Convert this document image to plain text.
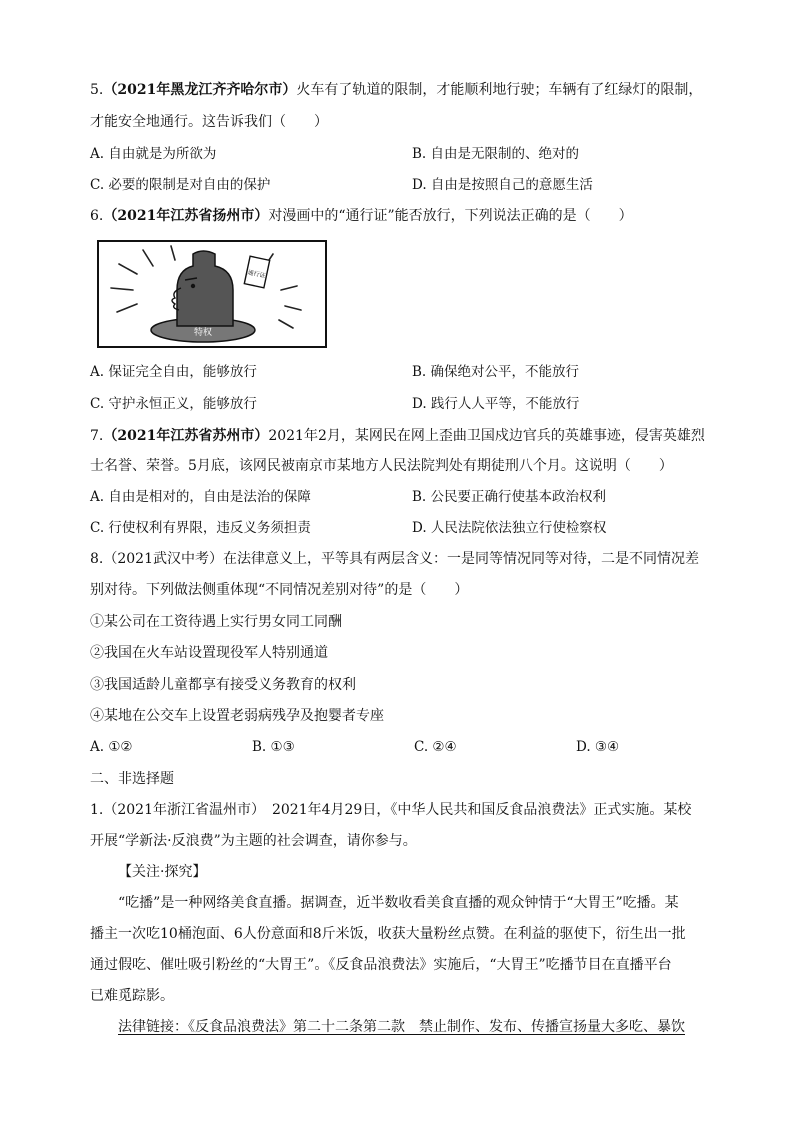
5.（2021年黑龙江齐齐哈尔市）火车有了轨道的限制，才能顺利地行驶；车辆有了红绿灯的限制，
才能安全地通行。这告诉我们（　　）
A. 自由就是为所欲为	B. 自由是无限制的、绝对的
C. 必要的限制是对自由的保护	D. 自由是按照自己的意愿生活
6.（2021年江苏省扬州市）对漫画中的“通行证”能否放行，下列说法正确的是（　　）
通行证
特权
A. 保证完全自由，能够放行	B. 确保绝对公平，不能放行
C. 守护永恒正义，能够放行	D. 践行人人平等，不能放行
7.（2021年江苏省苏州市）2021年2月，某网民在网上歪曲卫国戍边官兵的英雄事迹，侵害英雄烈
士名誉、荣誉。5月底，该网民被南京市某地方人民法院判处有期徒刑八个月。这说明（　　）
A. 自由是相对的，自由是法治的保障	B. 公民要正确行使基本政治权利
C. 行使权利有界限，违反义务须担责	D. 人民法院依法独立行使检察权
8.（2021武汉中考）在法律意义上，平等具有两层含义：一是同等情况同等对待，二是不同情况差
别对待。下列做法侧重体现“不同情况差别对待”的是（　　）
①某公司在工资待遇上实行男女同工同酬
②我国在火车站设置现役军人特别通道
③我国适龄儿童都享有接受义务教育的权利
④某地在公交车上设置老弱病残孕及抱婴者专座
A. ①②	B. ①③	C. ②④	D. ③④
二、非选择题
1.（2021年浙江省温州市）　2021年4月29日，《中华人民共和国反食品浪费法》正式实施。某校
开展“学新法·反浪费”为主题的社会调查，请你参与。
【关注·探究】
“吃播”是一种网络美食直播。据调查，近半数收看美食直播的观众钟情于“大胃王”吃播。某
播主一次吃10桶泡面、6人份意面和8斤米饭，收获大量粉丝点赞。在利益的驱使下，衍生出一批
通过假吃、催吐吸引粉丝的“大胃王”。《反食品浪费法》实施后，“大胃王”吃播节目在直播平台
已难觅踪影。
法律链接：《反食品浪费法》第二十二条第二款　禁止制作、发布、传播宣扬量大多吃、暴饮
